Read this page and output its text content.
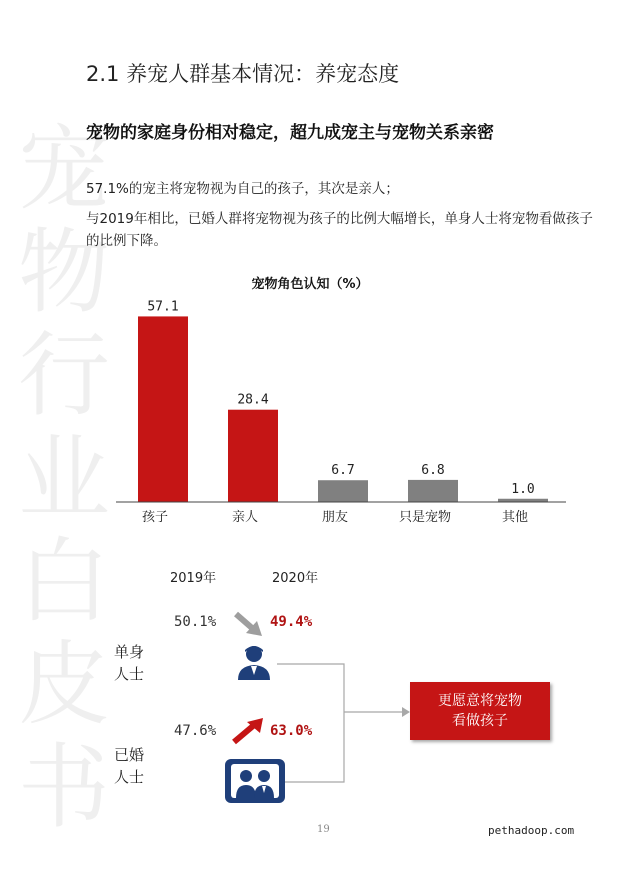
宠
物
行
业
白
皮
书
2.1 养宠人群基本情况：养宠态度
宠物的家庭身份相对稳定，超九成宠主与宠物关系亲密
57.1%的宠主将宠物视为自己的孩子，其次是亲人；
与2019年相比，已婚人群将宠物视为孩子的比例大幅增长，单身人士将宠物看做孩子的比例下降。
宠物角色认知（%）
57.1
孩子
28.4
亲人
6.7
朋友
6.8
只是宠物
1.0
其他
2019年	2020年
50.1%	49.4%
47.6%	63.0%
单身
人士
已婚
人士
更愿意将宠物
看做孩子
19	pethadoop.com
